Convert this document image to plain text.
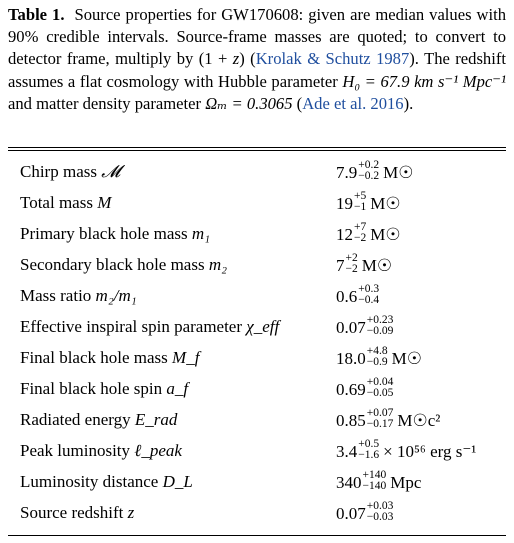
Table 1. Source properties for GW170608: given are median values with 90% credible intervals. Source-frame masses are quoted; to convert to detector frame, multiply by (1 + z) (Krolak & Schutz 1987). The redshift assumes a flat cosmology with Hubble parameter H₀ = 67.9 km s⁻¹ Mpc⁻¹ and matter density parameter Ωₘ = 0.3065 (Ade et al. 2016).
Chirp mass 𝓜	7.9 +0.2
−0.2 M☉
Total mass M	19 +5
−1 M☉
Primary black hole mass m₁	12 +7
−2 M☉
Secondary black hole mass m₂	7 +2
−2 M☉
Mass ratio m₂/m₁	0.6 +0.3
−0.4
Effective inspiral spin parameter χ_eff	0.07 +0.23
−0.09
Final black hole mass M_f	18.0 +4.8
−0.9 M☉
Final black hole spin a_f	0.69 +0.04
−0.05
Radiated energy E_rad	0.85 +0.07
−0.17 M☉c²
Peak luminosity ℓ_peak	3.4 +0.5
−1.6 × 10⁵⁶ erg s⁻¹
Luminosity distance D_L	340 +140
−140 Mpc
Source redshift z	0.07 +0.03
−0.03
